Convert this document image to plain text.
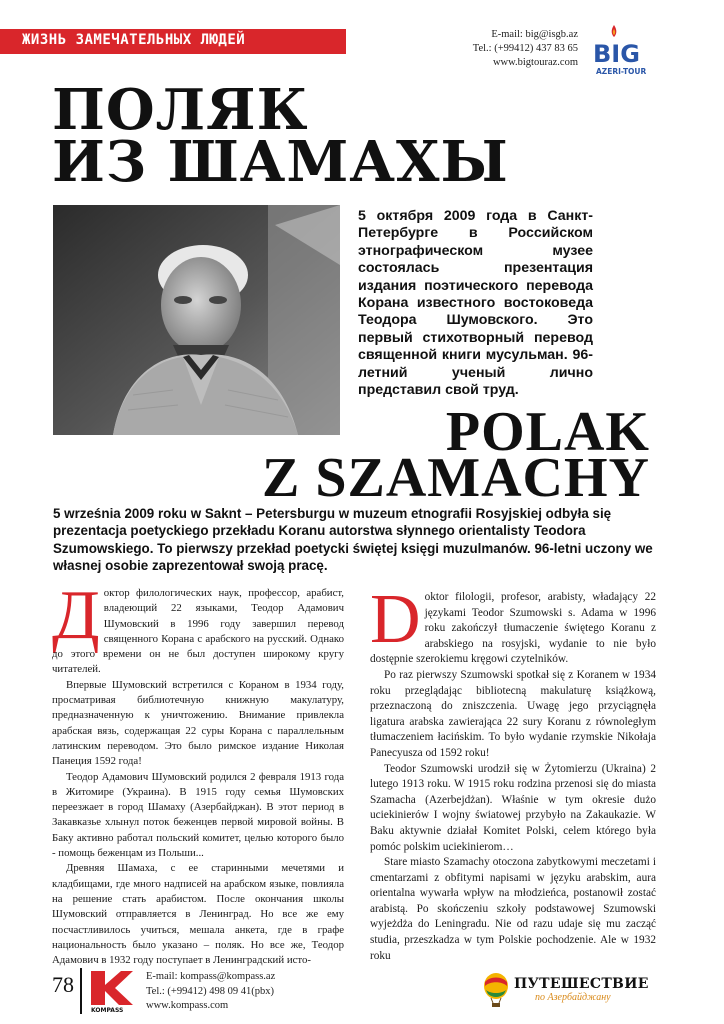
ЖИЗНЬ ЗАМЕЧАТЕЛЬНЫХ ЛЮДЕЙ	E-mail: big@isgb.az
Tel.: (+99412) 437 83 65
www.bigtouraz.com BIG
AZERI-TOUR
ПОЛЯК
ИЗ ШАМАХЫ
5 октября 2009 года в Санкт-Петербурге в Российском этнографическом музее состоялась презентация издания поэтического перевода Корана известного востоковеда Теодора Шумовского. Это первый стихотворный перевод священной книги мусульман. 96-летний ученый лично представил свой труд.
POLAK
Z SZAMACHY
5 września 2009 roku w Saknt – Petersburgu w muzeum etnografii Rosyjskiej odbyła się prezentacja poetyckiego przekładu Koranu autorstwa słynnego orientalisty Teodora Szumowskiego. To pierwszy przekład poetycki świętej księgi muzulmanów. 96-letni uczony we własnej osobie zaprezentował swoją pracę.

Доктор филологических наук, профессор, арабист, владеющий 22 языками, Теодор Адамович Шумовский в 1996 году завершил перевод священного Корана с арабского на русский. Однако до этого времени он не был доступен широкому кругу читателей.

Впервые Шумовский встретился с Кораном в 1934 году, просматривая библиотечную книжную макулатуру, предназначенную к уничтожению. Внимание привлекла арабская вязь, содержащая 22 суры Корана с параллельным латинским переводом. Это было римское издание Николая Панеция 1592 года!

Теодор Адамович Шумовский родился 2 февраля 1913 года в Житомире (Украина). В 1915 году семья Шумовских переезжает в город Шамаху (Азербайджан). В этот период в Закавказье хлынул поток беженцев первой мировой войны. В Баку активно работал польский комитет, целью которого было - помощь беженцам из Польши...

Древняя Шамаха, с ее старинными мечетями и кладбищами, где много надписей на арабском языке, повлияла на решение стать арабистом. После окончания школы Шумовский отправляется в Ленинград. Но все же ему посчастливилось учиться, мешала анкета, где в графе национальность было указано – поляк. Но все же, Теодор Адамович в 1932 году поступает в Ленинградский исто-

Doktor filologii, profesor, arabisty, władający 22 językami Teodor Szumowski s. Adama w 1996 roku zakończył tłumaczenie świętego Koranu z arabskiego na rosyjski, wydanie to nie było dostępnie szerokiemu kręgowi czytelników.

Po raz pierwszy Szumowski spotkał się z Koranem w 1934 roku przeglądając bibliotecną makulaturę książkową, przeznaczoną do zniszczenia. Uwagę jego przyciągnęła ligatura arabska zawierająca 22 sury Koranu z równoległym tłumaczeniem łacińskim. To było wydanie rzymskie Nikołaja Panecyusza od 1592 roku!

Teodor Szumowski urodził się w Żytomierzu (Ukraina) 2 lutego 1913 roku. W 1915 roku rodzina przenosi się do miasta Szamacha (Azerbejdżan). Właśnie w tym okresie dużo uciekinierów I wojny światowej przybyło na Zakaukazie. W Baku aktywnie działał Komitet Polski, celem którego była pomóc polskim uciekinierom…

Stare miasto Szamachy otoczona zabytkowymi meczetami i cmentarzami z obfitymi napisami w języku arabskim, aura orientalna wywarła wpływ na młodzieńca, postanowił zostać arabistą. Po skończeniu szkoły podstawowej Szumowski wyjeżdża do Leningradu. Nie od razu udaje się mu zacząć studia, przeszkadza w tym Polskie pochodzenie. Ale w 1932 roku

78
KOMPASS
E-mail: kompass@kompass.az
Tel.: (+99412) 498 09 41(pbx)
www.kompass.com
ПУТЕШЕСТВИЕ
по Азербайджану
